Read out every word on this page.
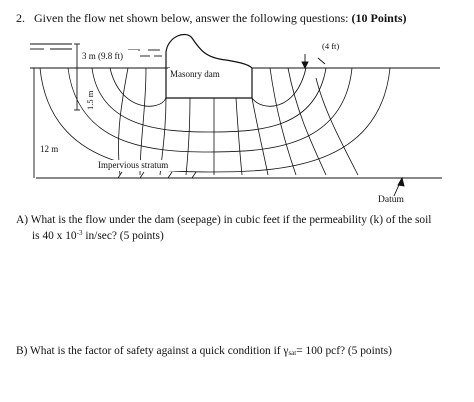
2. Given the flow net shown below, answer the following questions: (10 Points)
3 m (9.8 ft)
(4 ft)
Masonry dam
1.5 m
12 m
Impervious stratum
Datum
A) What is the flow under the dam (seepage) in cubic feet if the permeability (k) of the soil
is 40 x $10^{-3}$ in/sec? (5 points)
B) What is the factor of safety against a quick condition if $\gamma_{sat}= 100$ pcf? (5 points)
